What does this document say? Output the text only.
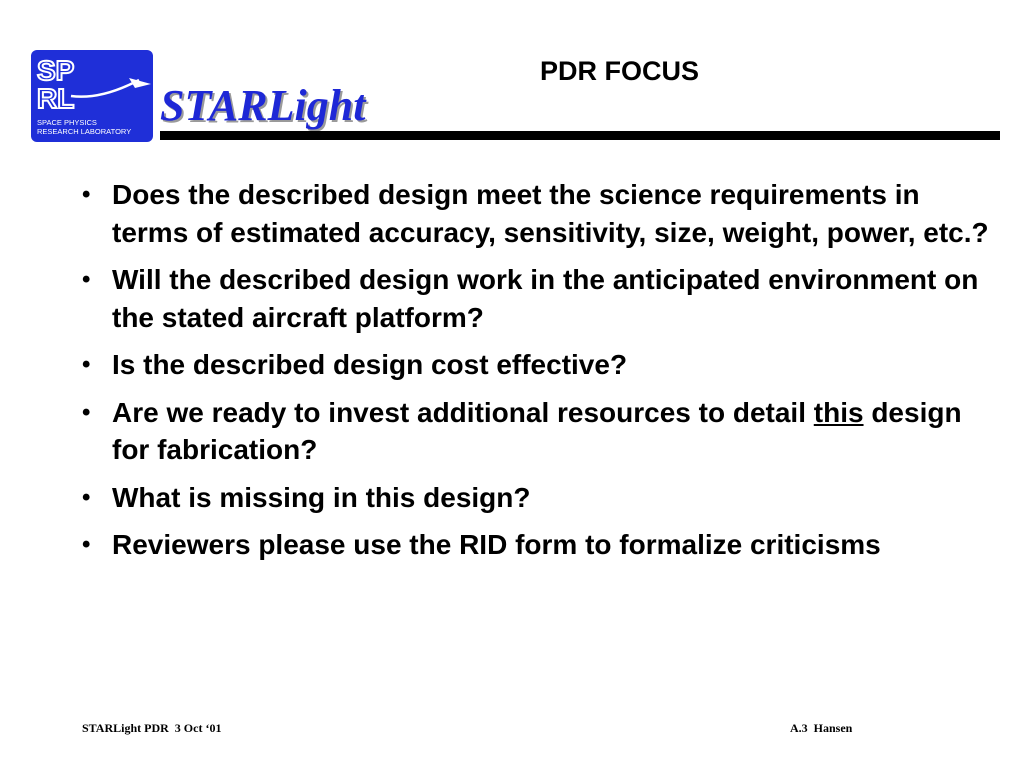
SP
RL
SPACE PHYSICS
RESEARCH LABORATORY
STARLight
PDR FOCUS
• Does the described design meet the science requirements in terms of estimated accuracy, sensitivity, size, weight, power, etc.?
• Will the described design work in the anticipated environment on the stated aircraft platform?
• Is the described design cost effective?
• Are we ready to invest additional resources to detail this design for fabrication?
• What is missing in this design?
• Reviewers please use the RID form to formalize criticisms
STARLight PDR  3 Oct ‘01	A.3  Hansen
